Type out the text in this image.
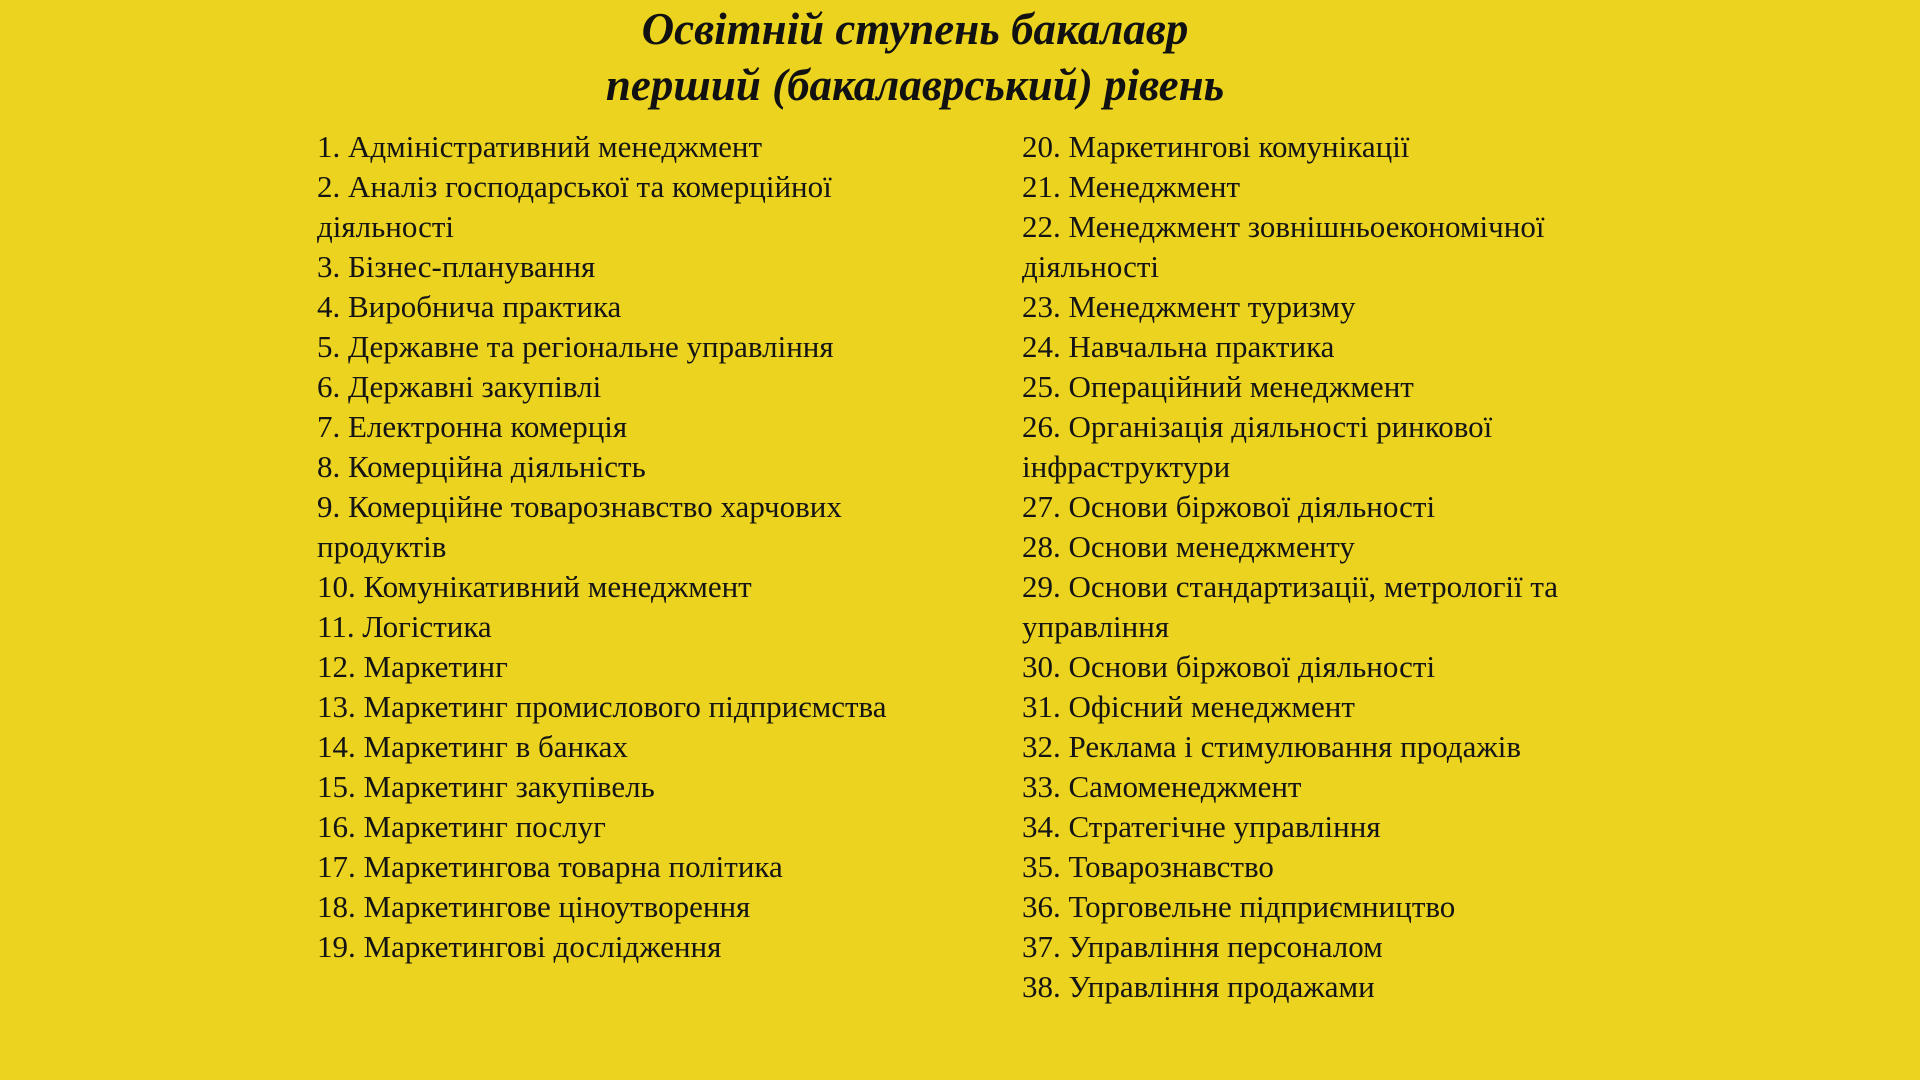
Освітній ступень бакалавр
перший (бакалаврський) рівень
1. Адміністративний менеджмент
2. Аналіз господарської та комерційної діяльності
3. Бізнес-планування
4. Виробнича практика
5. Державне та регіональне управління
6. Державні закупівлі
7. Електронна комерція
8. Комерційна діяльність
9. Комерційне товарознавство харчових продуктів
10. Комунікативний менеджмент
11. Логістика
12. Маркетинг
13. Маркетинг промислового підприємства
14. Маркетинг в банках
15. Маркетинг закупівель
16. Маркетинг послуг
17. Маркетингова товарна політика
18. Маркетингове ціноутворення
19. Маркетингові дослідження
20. Маркетингові комунікації
21. Менеджмент
22. Менеджмент зовнішньоекономічної діяльності
23. Менеджмент туризму
24. Навчальна практика
25. Операційний менеджмент
26. Організація діяльності ринкової інфраструктури
27. Основи біржової діяльності
28. Основи менеджменту
29. Основи стандартизації, метрології та управління
30. Основи біржової діяльності
31. Офісний менеджмент
32. Реклама і стимулювання продажів
33. Самоменеджмент
34. Стратегічне управління
35. Товарознавство
36. Торговельне підприємництво
37. Управління персоналом
38. Управління продажами
